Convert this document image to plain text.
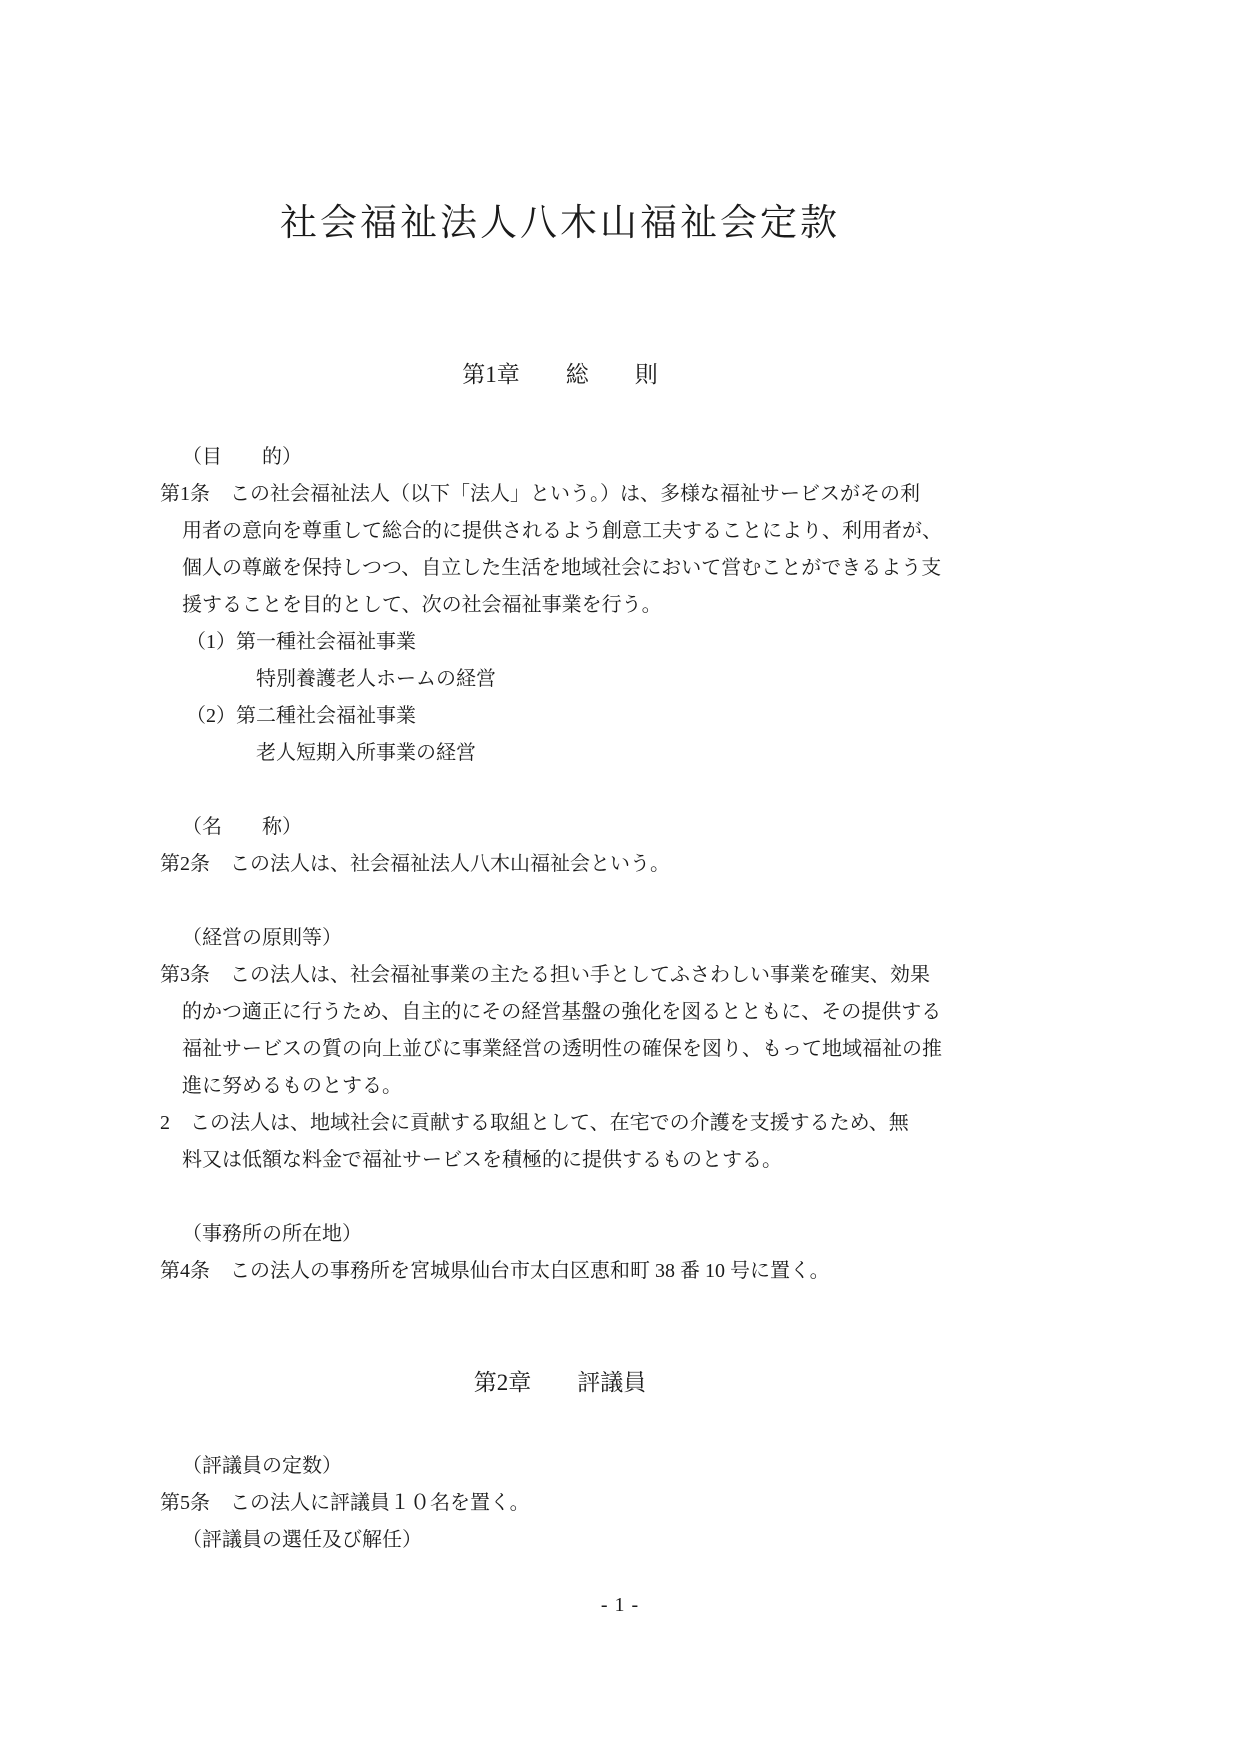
社会福祉法人八木山福祉会定款
第1章　　総　　則
（目　　的）
第1条　この社会福祉法人（以下「法人」という。）は、多様な福祉サービスがその利
用者の意向を尊重して総合的に提供されるよう創意工夫することにより、利用者が、
個人の尊厳を保持しつつ、自立した生活を地域社会において営むことができるよう支
援することを目的として、次の社会福祉事業を行う。
（1）第一種社会福祉事業
特別養護老人ホームの経営
（2）第二種社会福祉事業
老人短期入所事業の経営
（名　　称）
第2条　この法人は、社会福祉法人八木山福祉会という。
（経営の原則等）
第3条　この法人は、社会福祉事業の主たる担い手としてふさわしい事業を確実、効果
的かつ適正に行うため、自主的にその経営基盤の強化を図るとともに、その提供する
福祉サービスの質の向上並びに事業経営の透明性の確保を図り、もって地域福祉の推
進に努めるものとする。
2　この法人は、地域社会に貢献する取組として、在宅での介護を支援するため、無
料又は低額な料金で福祉サービスを積極的に提供するものとする。
（事務所の所在地）
第4条　この法人の事務所を宮城県仙台市太白区恵和町 38 番 10 号に置く。
第2章　　評議員
（評議員の定数）
第5条　この法人に評議員１０名を置く。
（評議員の選任及び解任）
- 1 -
